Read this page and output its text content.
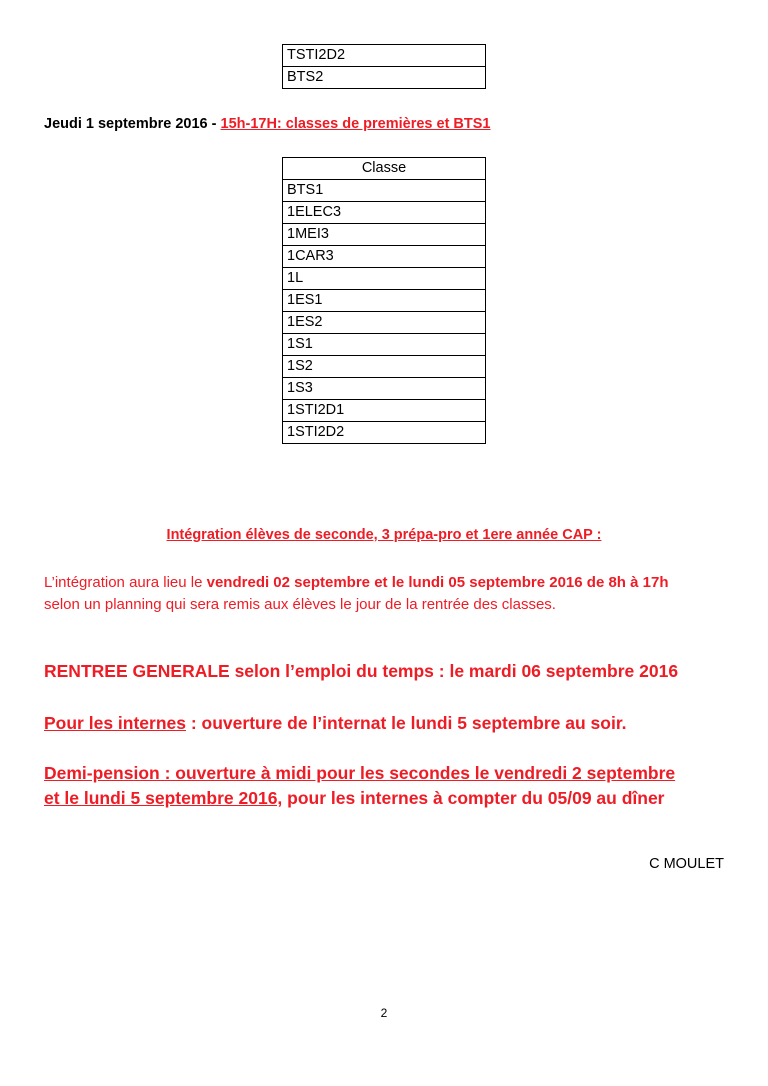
TSTI2D2
BTS2
Jeudi 1 septembre 2016 - 15h-17H: classes de premières et BTS1
Classe
BTS1
1ELEC3
1MEI3
1CAR3
1L
1ES1
1ES2
1S1
1S2
1S3
1STI2D1
1STI2D2
Intégration élèves de seconde, 3 prépa-pro et 1ere année CAP :
L’intégration aura lieu le vendredi 02 septembre et le lundi 05 septembre 2016 de 8h à 17h
selon un planning qui sera remis aux élèves le jour de la rentrée des classes.
RENTREE GENERALE selon l’emploi du temps : le mardi 06 septembre 2016
Pour les internes : ouverture de l’internat le lundi 5 septembre au soir.
Demi-pension : ouverture à midi pour les secondes le vendredi 2 septembre
et le lundi 5 septembre 2016, pour les internes à compter du 05/09 au dîner
C MOULET
2
